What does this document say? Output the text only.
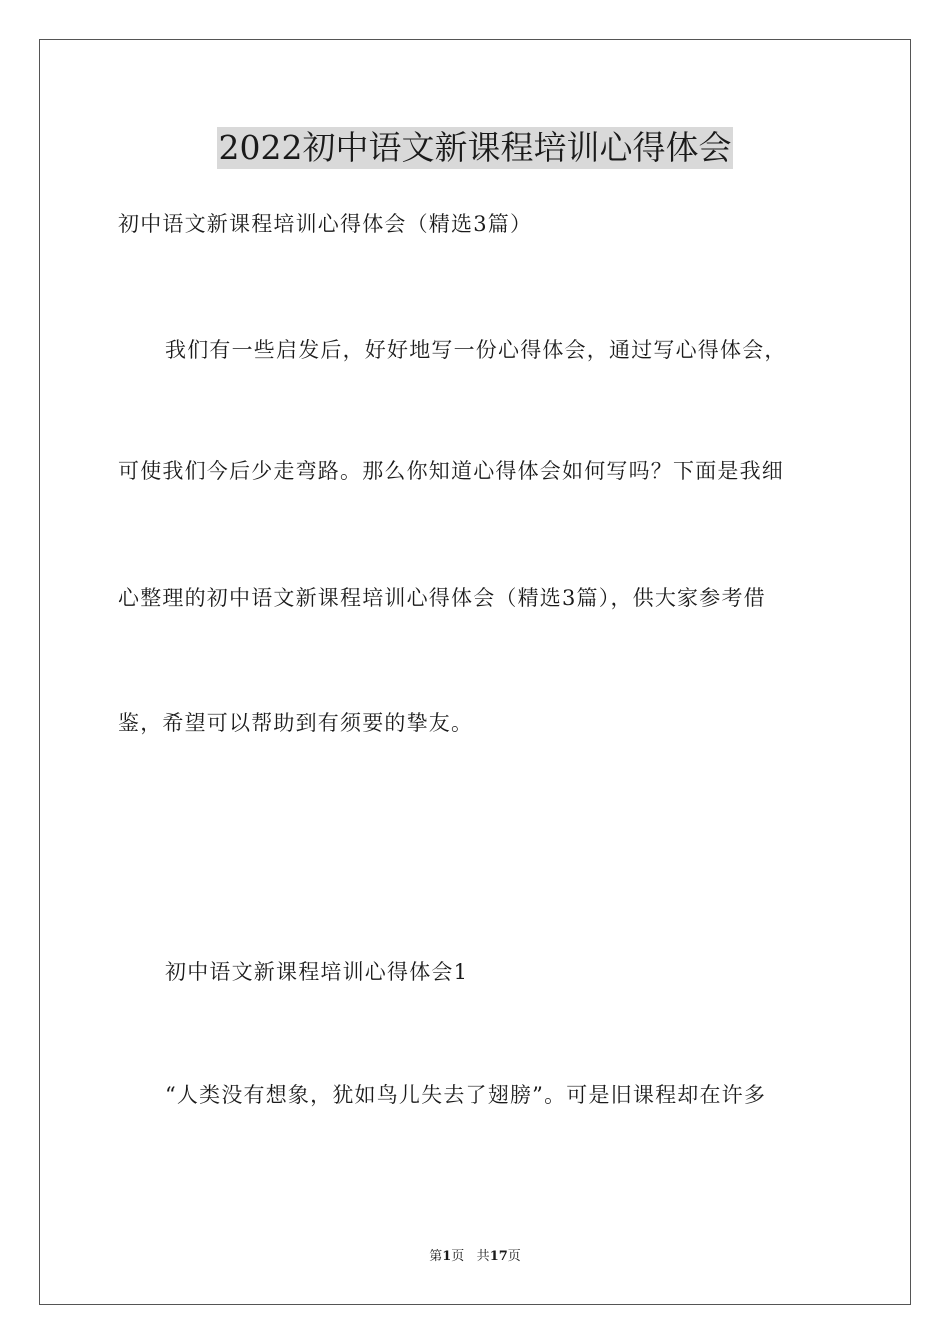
2022初中语文新课程培训心得体会
初中语文新课程培训心得体会（精选3篇）
我们有一些启发后，好好地写一份心得体会，通过写心得体会，
可使我们今后少走弯路。那么你知道心得体会如何写吗？下面是我细
心整理的初中语文新课程培训心得体会（精选3篇），供大家参考借
鉴，希望可以帮助到有须要的挚友。
初中语文新课程培训心得体会1
“人类没有想象，犹如鸟儿失去了翅膀”。可是旧课程却在许多
第1页 共17页
